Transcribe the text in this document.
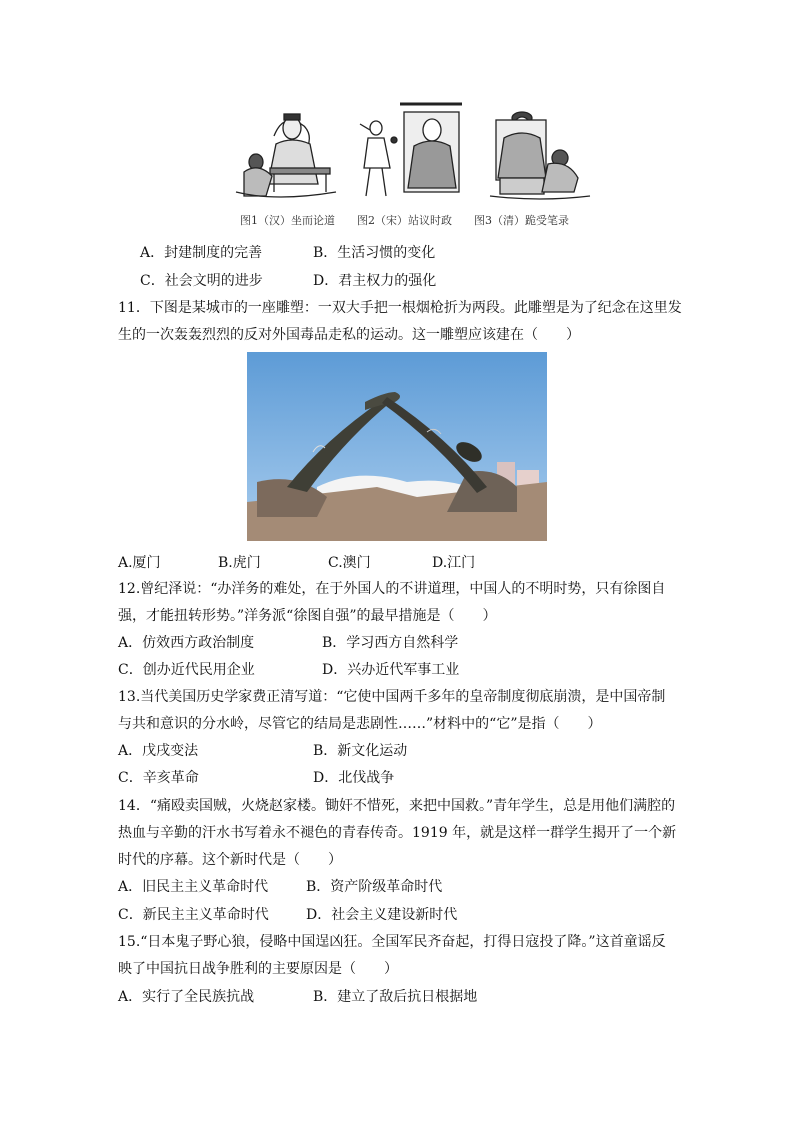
图1（汉）坐而论道　　图2（宋）站议时政　　图3（清）跪受笔录
A．封建制度的完善	B．生活习惯的变化
C．社会文明的进步	D．君主权力的强化
11．下图是某城市的一座雕塑：一双大手把一根烟枪折为两段。此雕塑是为了纪念在这里发
生的一次轰轰烈烈的反对外国毒品走私的运动。这一雕塑应该建在（　　）
A.厦门	B.虎门	C.澳门	D.江门
12.曾纪泽说：“办洋务的难处，在于外国人的不讲道理，中国人的不明时势，只有徐图自
强，才能扭转形势。”洋务派“徐图自强”的最早措施是（　　）
A．仿效西方政治制度	B．学习西方自然科学
C．创办近代民用企业	D．兴办近代军事工业
13.当代美国历史学家费正清写道：“它使中国两千多年的皇帝制度彻底崩溃，是中国帝制
与共和意识的分水岭，尽管它的结局是悲剧性……”材料中的“它”是指（　　）
A．戊戌变法	B．新文化运动
C．辛亥革命	D．北伐战争
14．“痛殴卖国贼，火烧赵家楼。锄奸不惜死，来把中国救。”青年学生，总是用他们满腔的
热血与辛勤的汗水书写着永不褪色的青春传奇。1919 年，就是这样一群学生揭开了一个新
时代的序幕。这个新时代是（　　）
A．旧民主主义革命时代	B．资产阶级革命时代
C．新民主主义革命时代	D．社会主义建设新时代
15.“日本鬼子野心狼，侵略中国逞凶狂。全国军民齐奋起，打得日寇投了降。”这首童谣反
映了中国抗日战争胜利的主要原因是（　　）
A．实行了全民族抗战	B．建立了敌后抗日根据地
